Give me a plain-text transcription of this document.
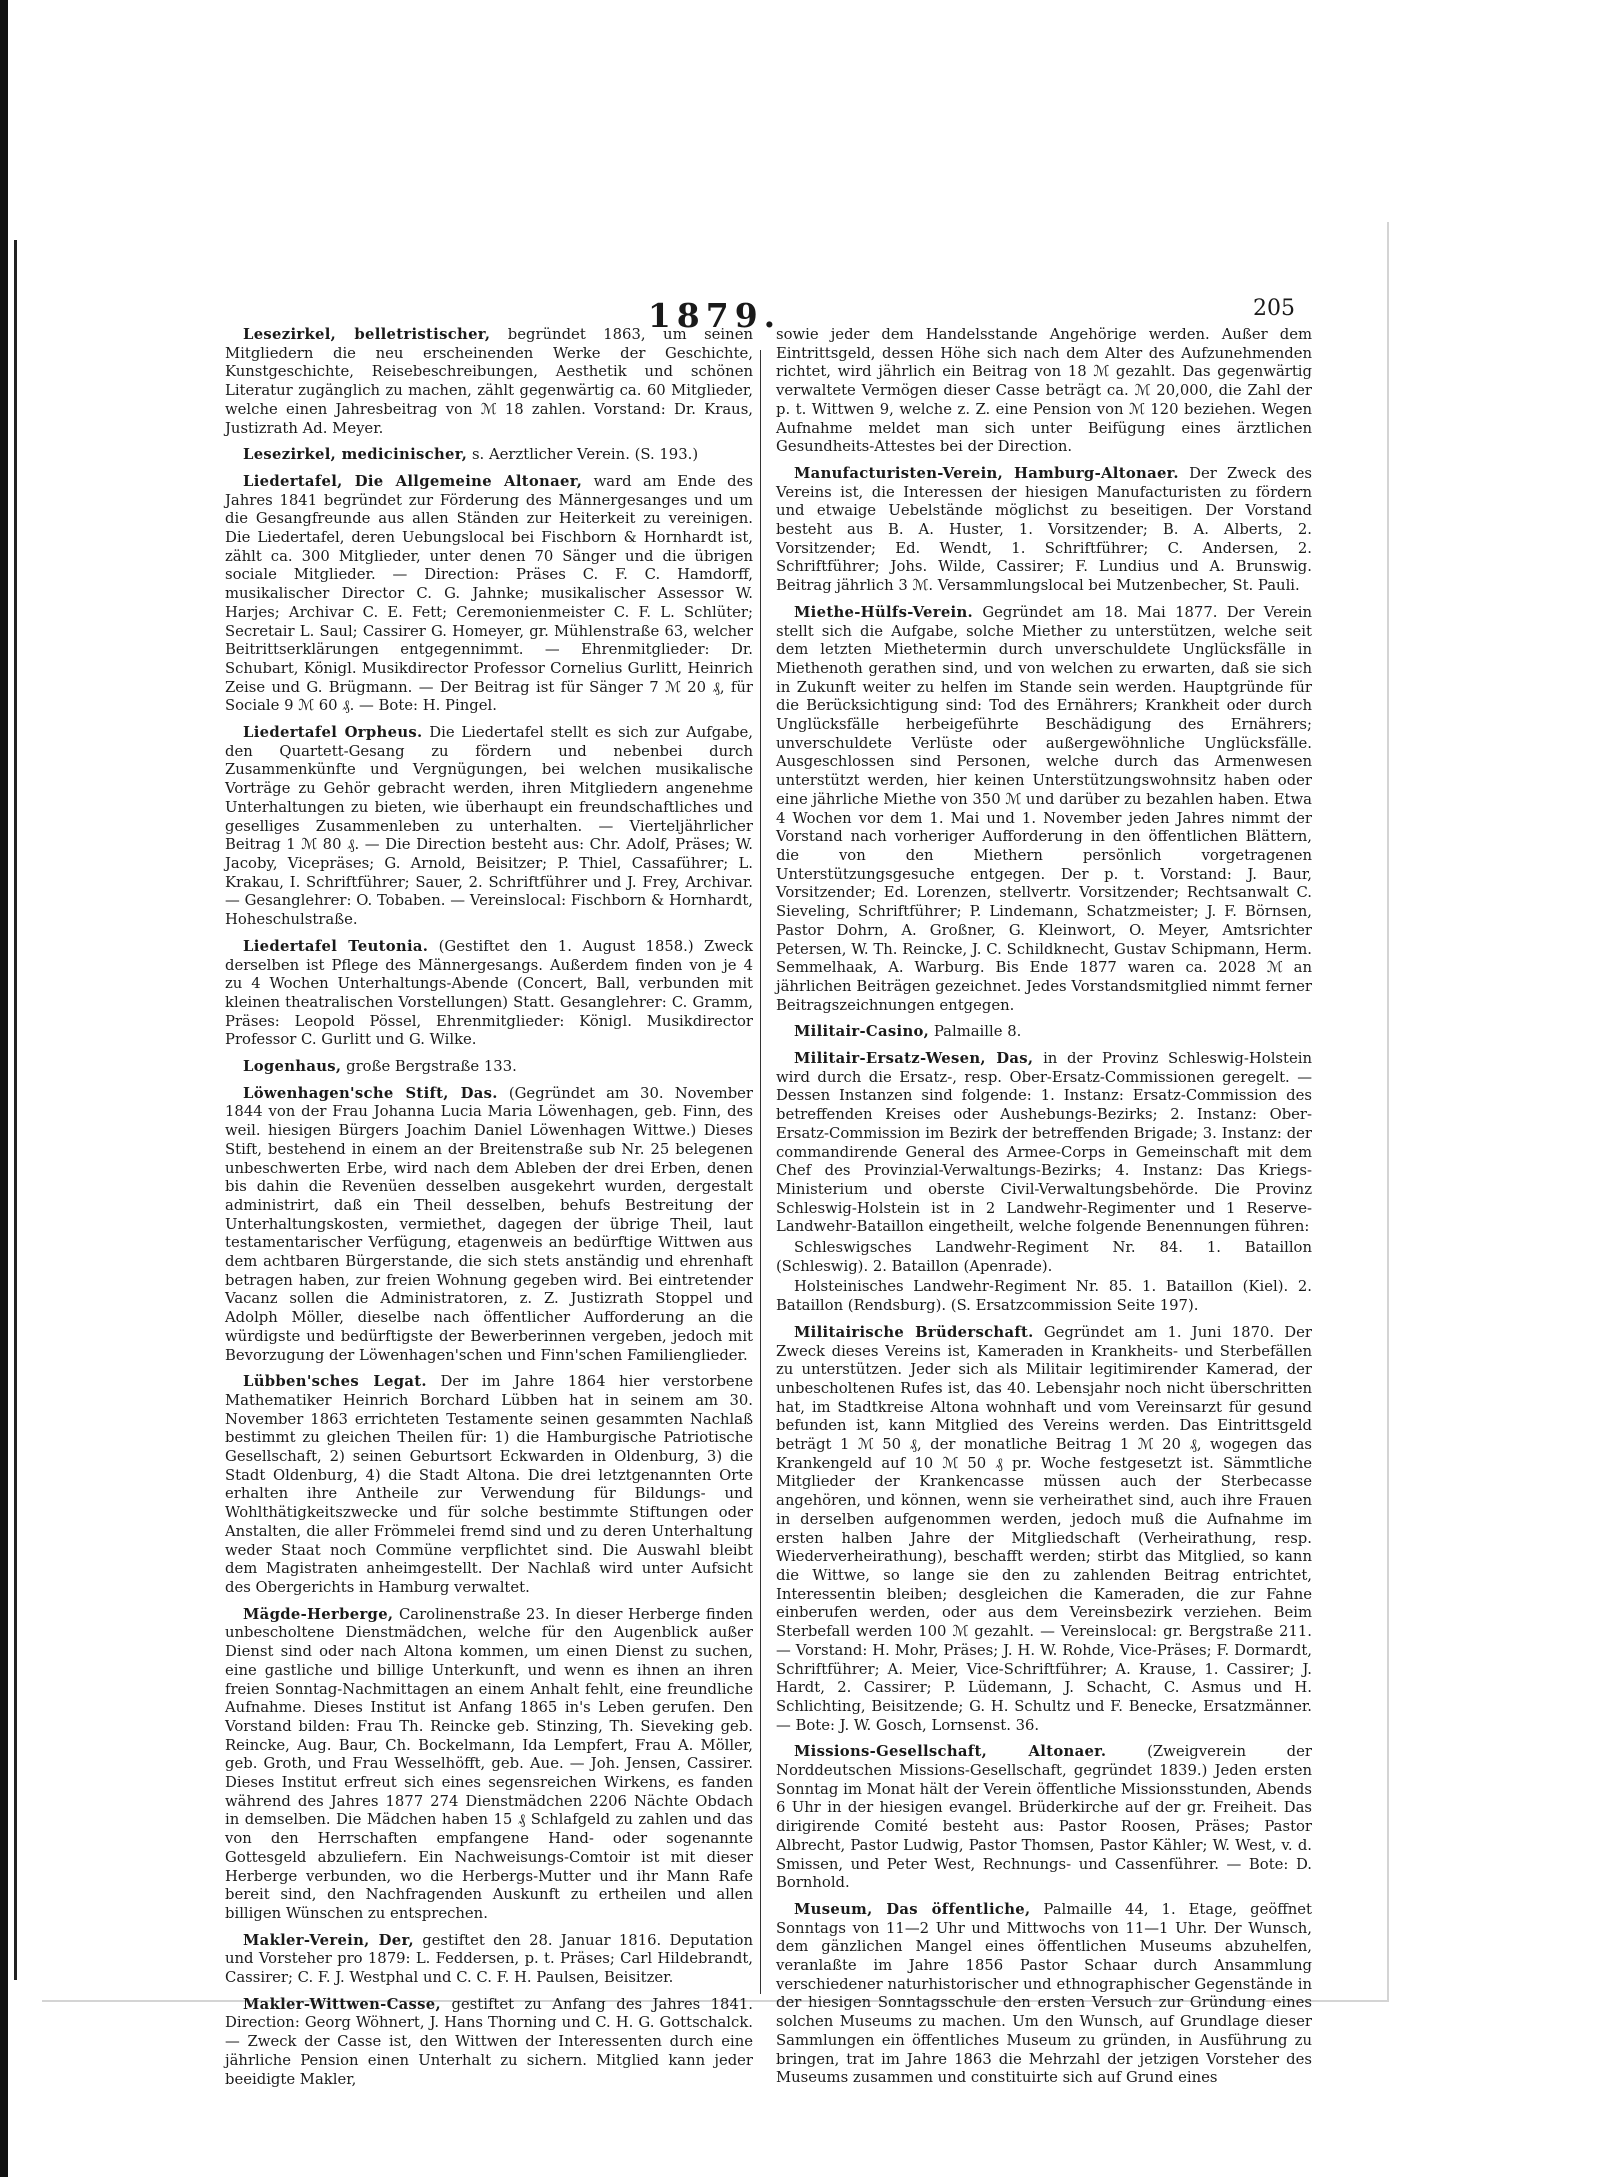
1879.	205

Lesezirkel, belletristischer, begründet 1863, um seinen Mitgliedern die neu erscheinenden Werke der Geschichte, Kunstgeschichte, Reisebeschreibungen, Aesthetik und schönen Literatur zugänglich zu machen, zählt gegenwärtig ca. 60 Mitglieder, welche einen Jahresbeitrag von ℳ 18 zahlen. Vorstand: Dr. Kraus, Justizrath Ad. Meyer.

Lesezirkel, medicinischer, s. Aerztlicher Verein. (S. 193.)

Liedertafel, Die Allgemeine Altonaer, ward am Ende des Jahres 1841 begründet zur Förderung des Männergesanges und um die Gesangfreunde aus allen Ständen zur Heiterkeit zu vereinigen. Die Liedertafel, deren Uebungslocal bei Fischborn & Hornhardt ist, zählt ca. 300 Mitglieder, unter denen 70 Sänger und die übrigen sociale Mitglieder. — Direction: Präses C. F. C. Hamdorff, musikalischer Director C. G. Jahnke; musikalischer Assessor W. Harjes; Archivar C. E. Fett; Ceremonienmeister C. F. L. Schlüter; Secretair L. Saul; Cassirer G. Homeyer, gr. Mühlenstraße 63, welcher Beitrittserklärungen entgegennimmt. — Ehrenmitglieder: Dr. Schubart, Königl. Musikdirector Professor Cornelius Gurlitt, Heinrich Zeise und G. Brügmann. — Der Beitrag ist für Sänger 7 ℳ 20 ₰, für Sociale 9 ℳ 60 ₰. — Bote: H. Pingel.

Liedertafel Orpheus. Die Liedertafel stellt es sich zur Aufgabe, den Quartett-Gesang zu fördern und nebenbei durch Zusammenkünfte und Vergnügungen, bei welchen musikalische Vorträge zu Gehör gebracht werden, ihren Mitgliedern angenehme Unterhaltungen zu bieten, wie überhaupt ein freundschaftliches und geselliges Zusammenleben zu unterhalten. — Vierteljährlicher Beitrag 1 ℳ 80 ₰. — Die Direction besteht aus: Chr. Adolf, Präses; W. Jacoby, Vicepräses; G. Arnold, Beisitzer; P. Thiel, Cassaführer; L. Krakau, I. Schriftführer; Sauer, 2. Schriftführer und J. Frey, Archivar. — Gesanglehrer: O. Tobaben. — Vereinslocal: Fischborn & Hornhardt, Hoheschulstraße.

Liedertafel Teutonia. (Gestiftet den 1. August 1858.) Zweck derselben ist Pflege des Männergesangs. Außerdem finden von je 4 zu 4 Wochen Unterhaltungs-Abende (Concert, Ball, verbunden mit kleinen theatralischen Vorstellungen) Statt. Gesanglehrer: C. Gramm, Präses: Leopold Pössel, Ehrenmitglieder: Königl. Musikdirector Professor C. Gurlitt und G. Wilke.

Logenhaus, große Bergstraße 133.

Löwenhagen'sche Stift, Das. (Gegründet am 30. November 1844 von der Frau Johanna Lucia Maria Löwenhagen, geb. Finn, des weil. hiesigen Bürgers Joachim Daniel Löwenhagen Wittwe.) Dieses Stift, bestehend in einem an der Breitenstraße sub Nr. 25 belegenen unbeschwerten Erbe, wird nach dem Ableben der drei Erben, denen bis dahin die Revenüen desselben ausgekehrt wurden, dergestalt administrirt, daß ein Theil desselben, behufs Bestreitung der Unterhaltungskosten, vermiethet, dagegen der übrige Theil, laut testamentarischer Verfügung, etagenweis an bedürftige Wittwen aus dem achtbaren Bürgerstande, die sich stets anständig und ehrenhaft betragen haben, zur freien Wohnung gegeben wird. Bei eintretender Vacanz sollen die Administratoren, z. Z. Justizrath Stoppel und Adolph Möller, dieselbe nach öffentlicher Aufforderung an die würdigste und bedürftigste der Bewerberinnen vergeben, jedoch mit Bevorzugung der Löwenhagen'schen und Finn'schen Familienglieder.

Lübben'sches Legat. Der im Jahre 1864 hier verstorbene Mathematiker Heinrich Borchard Lübben hat in seinem am 30. November 1863 errichteten Testamente seinen gesammten Nachlaß bestimmt zu gleichen Theilen für: 1) die Hamburgische Patriotische Gesellschaft, 2) seinen Geburtsort Eckwarden in Oldenburg, 3) die Stadt Oldenburg, 4) die Stadt Altona. Die drei letztgenannten Orte erhalten ihre Antheile zur Verwendung für Bildungs- und Wohlthätigkeitszwecke und für solche bestimmte Stiftungen oder Anstalten, die aller Frömmelei fremd sind und zu deren Unterhaltung weder Staat noch Commüne verpflichtet sind. Die Auswahl bleibt dem Magistraten anheimgestellt. Der Nachlaß wird unter Aufsicht des Obergerichts in Hamburg verwaltet.

Mägde-Herberge, Carolinenstraße 23. In dieser Herberge finden unbescholtene Dienstmädchen, welche für den Augenblick außer Dienst sind oder nach Altona kommen, um einen Dienst zu suchen, eine gastliche und billige Unterkunft, und wenn es ihnen an ihren freien Sonntag-Nachmittagen an einem Anhalt fehlt, eine freundliche Aufnahme. Dieses Institut ist Anfang 1865 in's Leben gerufen. Den Vorstand bilden: Frau Th. Reincke geb. Stinzing, Th. Sieveking geb. Reincke, Aug. Baur, Ch. Bockelmann, Ida Lempfert, Frau A. Möller, geb. Groth, und Frau Wesselhöfft, geb. Aue. — Joh. Jensen, Cassirer. Dieses Institut erfreut sich eines segensreichen Wirkens, es fanden während des Jahres 1877 274 Dienstmädchen 2206 Nächte Obdach in demselben. Die Mädchen haben 15 ₰ Schlafgeld zu zahlen und das von den Herrschaften empfangene Hand- oder sogenannte Gottesgeld abzuliefern. Ein Nachweisungs-Comtoir ist mit dieser Herberge verbunden, wo die Herbergs-Mutter und ihr Mann Rafe bereit sind, den Nachfragenden Auskunft zu ertheilen und allen billigen Wünschen zu entsprechen.

Makler-Verein, Der, gestiftet den 28. Januar 1816. Deputation und Vorsteher pro 1879: L. Feddersen, p. t. Präses; Carl Hildebrandt, Cassirer; C. F. J. Westphal und C. C. F. H. Paulsen, Beisitzer.

Makler-Wittwen-Casse, gestiftet zu Anfang des Jahres 1841. Direction: Georg Wöhnert, J. Hans Thorning und C. H. G. Gottschalck. — Zweck der Casse ist, den Wittwen der Interessenten durch eine jährliche Pension einen Unterhalt zu sichern. Mitglied kann jeder beeidigte Makler,

sowie jeder dem Handelsstande Angehörige werden. Außer dem Eintrittsgeld, dessen Höhe sich nach dem Alter des Aufzunehmenden richtet, wird jährlich ein Beitrag von 18 ℳ gezahlt. Das gegenwärtig verwaltete Vermögen dieser Casse beträgt ca. ℳ 20,000, die Zahl der p. t. Wittwen 9, welche z. Z. eine Pension von ℳ 120 beziehen. Wegen Aufnahme meldet man sich unter Beifügung eines ärztlichen Gesundheits-Attestes bei der Direction.

Manufacturisten-Verein, Hamburg-Altonaer. Der Zweck des Vereins ist, die Interessen der hiesigen Manufacturisten zu fördern und etwaige Uebelstände möglichst zu beseitigen. Der Vorstand besteht aus B. A. Huster, 1. Vorsitzender; B. A. Alberts, 2. Vorsitzender; Ed. Wendt, 1. Schriftführer; C. Andersen, 2. Schriftführer; Johs. Wilde, Cassirer; F. Lundius und A. Brunswig. Beitrag jährlich 3 ℳ. Versammlungslocal bei Mutzenbecher, St. Pauli.

Miethe-Hülfs-Verein. Gegründet am 18. Mai 1877. Der Verein stellt sich die Aufgabe, solche Miether zu unterstützen, welche seit dem letzten Miethetermin durch unverschuldete Unglücksfälle in Miethenoth gerathen sind, und von welchen zu erwarten, daß sie sich in Zukunft weiter zu helfen im Stande sein werden. Hauptgründe für die Berücksichtigung sind: Tod des Ernährers; Krankheit oder durch Unglücksfälle herbeigeführte Beschädigung des Ernährers; unverschuldete Verlüste oder außergewöhnliche Unglücksfälle. Ausgeschlossen sind Personen, welche durch das Armenwesen unterstützt werden, hier keinen Unterstützungswohnsitz haben oder eine jährliche Miethe von 350 ℳ und darüber zu bezahlen haben. Etwa 4 Wochen vor dem 1. Mai und 1. November jeden Jahres nimmt der Vorstand nach vorheriger Aufforderung in den öffentlichen Blättern, die von den Miethern persönlich vorgetragenen Unterstützungsgesuche entgegen. Der p. t. Vorstand: J. Baur, Vorsitzender; Ed. Lorenzen, stellvertr. Vorsitzender; Rechtsanwalt C. Sieveling, Schriftführer; P. Lindemann, Schatzmeister; J. F. Börnsen, Pastor Dohrn, A. Großner, G. Kleinwort, O. Meyer, Amtsrichter Petersen, W. Th. Reincke, J. C. Schildknecht, Gustav Schipmann, Herm. Semmelhaak, A. Warburg. Bis Ende 1877 waren ca. 2028 ℳ an jährlichen Beiträgen gezeichnet. Jedes Vorstandsmitglied nimmt ferner Beitragszeichnungen entgegen.

Militair-Casino, Palmaille 8.

Militair-Ersatz-Wesen, Das, in der Provinz Schleswig-Holstein wird durch die Ersatz-, resp. Ober-Ersatz-Commissionen geregelt. — Dessen Instanzen sind folgende: 1. Instanz: Ersatz-Commission des betreffenden Kreises oder Aushebungs-Bezirks; 2. Instanz: Ober-Ersatz-Commission im Bezirk der betreffenden Brigade; 3. Instanz: der commandirende General des Armee-Corps in Gemeinschaft mit dem Chef des Provinzial-Verwaltungs-Bezirks; 4. Instanz: Das Kriegs-Ministerium und oberste Civil-Verwaltungsbehörde. Die Provinz Schleswig-Holstein ist in 2 Landwehr-Regimenter und 1 Reserve-Landwehr-Bataillon eingetheilt, welche folgende Benennungen führen:

Schleswigsches Landwehr-Regiment Nr. 84. 1. Bataillon (Schleswig). 2. Bataillon (Apenrade).

Holsteinisches Landwehr-Regiment Nr. 85. 1. Bataillon (Kiel). 2. Bataillon (Rendsburg). (S. Ersatzcommission Seite 197).

Militairische Brüderschaft. Gegründet am 1. Juni 1870. Der Zweck dieses Vereins ist, Kameraden in Krankheits- und Sterbefällen zu unterstützen. Jeder sich als Militair legitimirender Kamerad, der unbescholtenen Rufes ist, das 40. Lebensjahr noch nicht überschritten hat, im Stadtkreise Altona wohnhaft und vom Vereinsarzt für gesund befunden ist, kann Mitglied des Vereins werden. Das Eintrittsgeld beträgt 1 ℳ 50 ₰, der monatliche Beitrag 1 ℳ 20 ₰, wogegen das Krankengeld auf 10 ℳ 50 ₰ pr. Woche festgesetzt ist. Sämmtliche Mitglieder der Krankencasse müssen auch der Sterbecasse angehören, und können, wenn sie verheirathet sind, auch ihre Frauen in derselben aufgenommen werden, jedoch muß die Aufnahme im ersten halben Jahre der Mitgliedschaft (Verheirathung, resp. Wiederverheirathung), beschafft werden; stirbt das Mitglied, so kann die Wittwe, so lange sie den zu zahlenden Beitrag entrichtet, Interessentin bleiben; desgleichen die Kameraden, die zur Fahne einberufen werden, oder aus dem Vereinsbezirk verziehen. Beim Sterbefall werden 100 ℳ gezahlt. — Vereinslocal: gr. Bergstraße 211. — Vorstand: H. Mohr, Präses; J. H. W. Rohde, Vice-Präses; F. Dormardt, Schriftführer; A. Meier, Vice-Schriftführer; A. Krause, 1. Cassirer; J. Hardt, 2. Cassirer; P. Lüdemann, J. Schacht, C. Asmus und H. Schlichting, Beisitzende; G. H. Schultz und F. Benecke, Ersatzmänner. — Bote: J. W. Gosch, Lornsenst. 36.

Missions-Gesellschaft, Altonaer.	(Zweigverein der Norddeutschen Missions-Gesellschaft, gegründet 1839.) Jeden ersten Sonntag im Monat hält der Verein öffentliche Missionsstunden, Abends 6 Uhr in der hiesigen evangel. Brüderkirche auf der gr. Freiheit. Das dirigirende Comité besteht aus: Pastor Roosen, Präses; Pastor Albrecht, Pastor Ludwig, Pastor Thomsen, Pastor Kähler; W. West, v. d. Smissen, und Peter West, Rechnungs- und Cassenführer. — Bote: D. Bornhold.

Museum, Das öffentliche, Palmaille 44, 1. Etage, geöffnet Sonntags von 11—2 Uhr und Mittwochs von 11—1 Uhr. Der Wunsch, dem gänzlichen Mangel eines öffentlichen Museums abzuhelfen, veranlaßte im Jahre 1856 Pastor Schaar durch Ansammlung verschiedener naturhistorischer und ethnographischer Gegenstände in der hiesigen Sonntagsschule den ersten Versuch zur Gründung eines solchen Museums zu machen. Um den Wunsch, auf Grundlage dieser Sammlungen ein öffentliches Museum zu gründen, in Ausführung zu bringen, trat im Jahre 1863 die Mehrzahl der jetzigen Vorsteher des Museums zusammen und constituirte sich auf Grund eines
